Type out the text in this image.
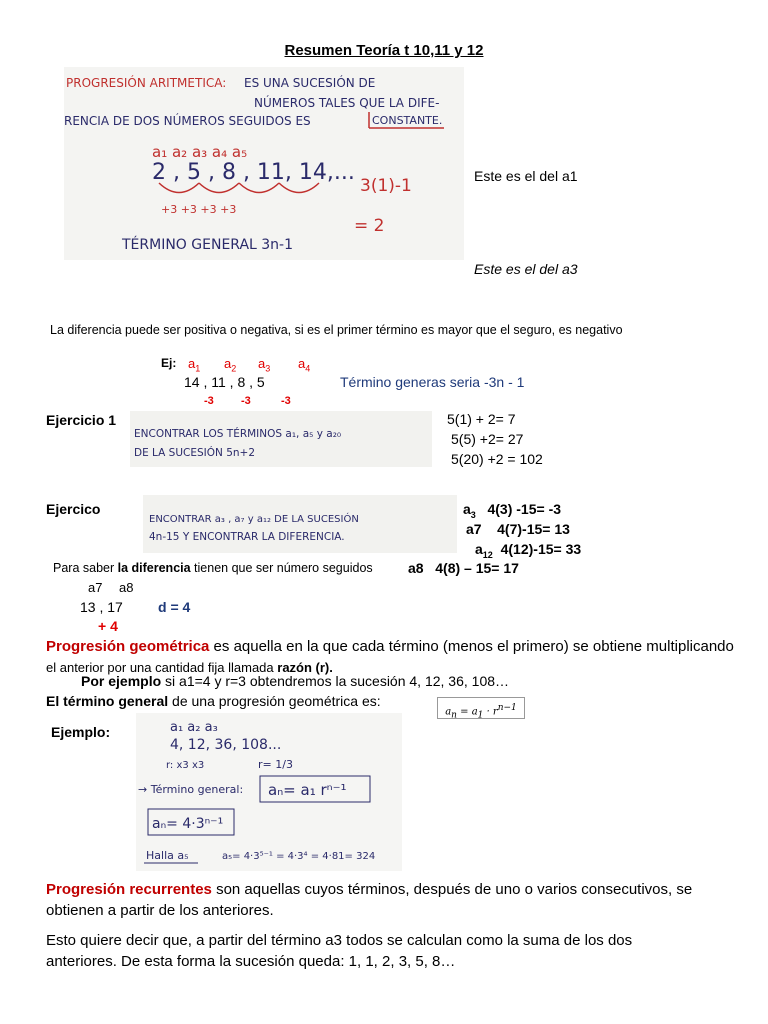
Resumen Teoría t 10,11 y 12
PROGRESIÓN ARITMETICA: ES UNA SUCESIÓN DE
NÚMEROS TALES QUE LA DIFE-
RENCIA DE DOS NÚMEROS SEGUIDOS ES	CONSTANTE.
a₁ a₂ a₃ a₄ a₅
2 , 5 , 8 , 11, 14,...
+3 +3 +3 +3
3(1)-1
= 2
TÉRMINO GENERAL 3n-1
Este es el del a1
Este es el del a3
La diferencia puede ser positiva o negativa, si es el primer término es mayor que el seguro, es negativo
Ej: $a_1$ $a_2$ $a_3$ $a_4$
14 , 11 , 8 , 5	Término generas seria -3n - 1
-3 -3	-3
Ejercicio 1
ENCONTRAR LOS TÉRMINOS a₁, a₅ y a₂₀
DE LA SUCESIÓN 5n+2
5(1) + 2= 7
5(5) +2= 27
5(20) +2 = 102
Ejercico
ENCONTRAR a₃ , a₇ y a₁₂ DE LA SUCESIÓN
4n-15 Y ENCONTRAR LA DIFERENCIA.
$a_3$ 4(3) -15= -3
a7 4(7)-15= 13
$a_{12}$ 4(12)-15= 33
Para saber la diferencia tienen que ser número seguidos	a8 4(8) – 15= 17
a7 a8
13 , 17	d = 4
+ 4
Progresión geométrica es aquella en la que cada término (menos el primero) se obtiene multiplicando
el anterior por una cantidad fija llamada razón (r).
Por ejemplo si a1=4 y r=3 obtendremos la sucesión 4, 12, 36, 108…
El término general de una progresión geométrica es:
$a_n = a_1 \cdot r^{n-1}$
Ejemplo:	a₁ a₂ a₃
4, 12, 36, 108...
r: x3 x3	r= 1/3
→ Término general: aₙ= a₁ rⁿ⁻¹
aₙ= 4·3ⁿ⁻¹
Halla a₅	a₅= 4·3⁵⁻¹ = 4·3⁴ = 4·81= 324
Progresión recurrentes son aquellas cuyos términos, después de uno o varios consecutivos, se
obtienen a partir de los anteriores.
Esto quiere decir que, a partir del término a3 todos se calculan como la suma de los dos
anteriores. De esta forma la sucesión queda: 1, 1, 2, 3, 5, 8…
